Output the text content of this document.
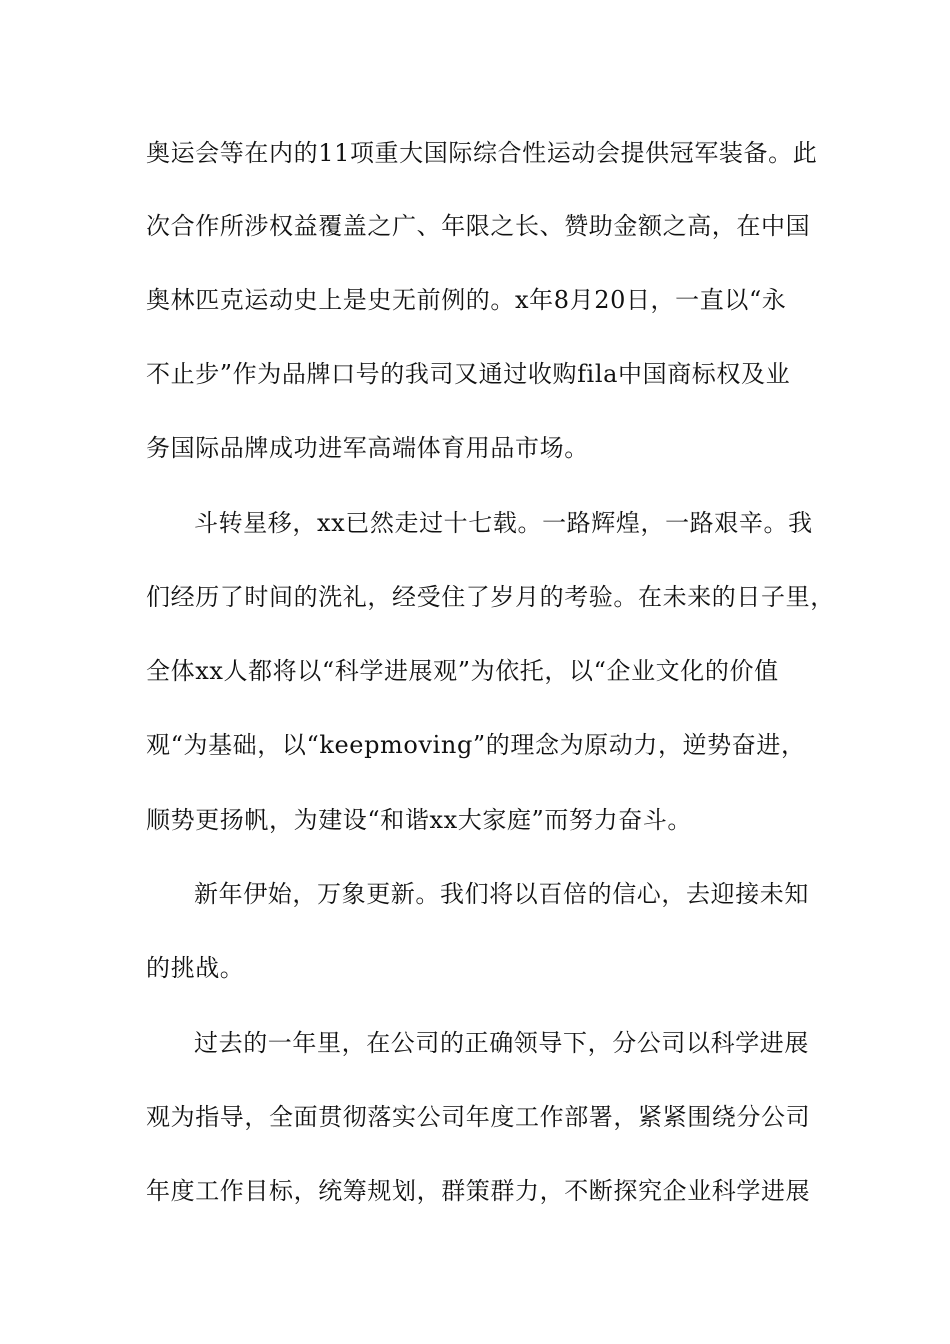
奥运会等在内的11项重大国际综合性运动会提供冠军装备。此
次合作所涉权益覆盖之广、年限之长、赞助金额之高，在中国
奥林匹克运动史上是史无前例的。x年8月20日，一直以“永
不止步”作为品牌口号的我司又通过收购fila中国商标权及业
务国际品牌成功进军高端体育用品市场。
斗转星移，xx已然走过十七载。一路辉煌，一路艰辛。我
们经历了时间的洗礼，经受住了岁月的考验。在未来的日子里，
全体xx人都将以“科学进展观”为依托，以“企业文化的价值
观“为基础，以“keepmoving”的理念为原动力，逆势奋进，
顺势更扬帆，为建设“和谐xx大家庭”而努力奋斗。
新年伊始，万象更新。我们将以百倍的信心，去迎接未知
的挑战。
过去的一年里，在公司的正确领导下，分公司以科学进展
观为指导，全面贯彻落实公司年度工作部署，紧紧围绕分公司
年度工作目标，统筹规划，群策群力，不断探究企业科学进展
